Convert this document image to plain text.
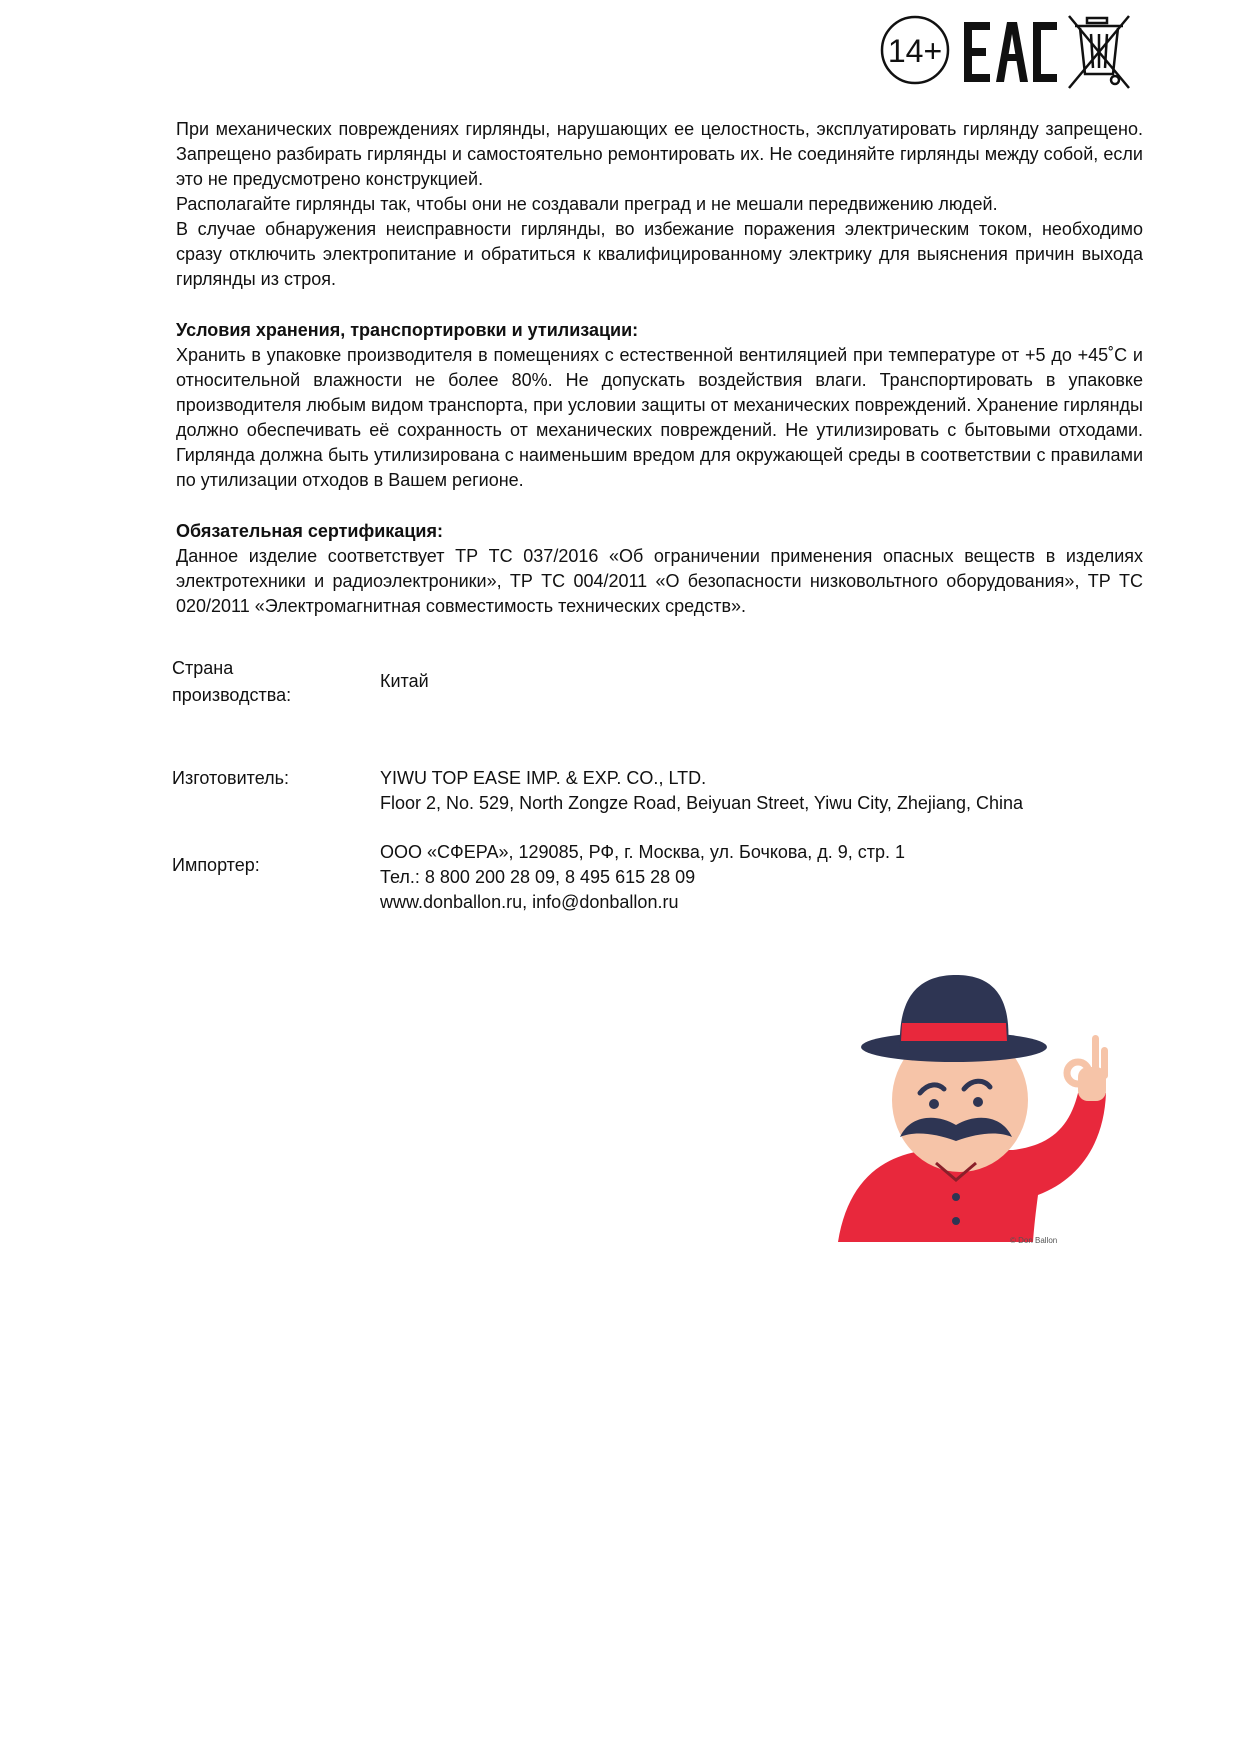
14+

При механических повреждениях гирлянды, нарушающих ее целостность, эксплуатировать гирлянду запрещено. Запрещено разбирать гирлянды и самостоятельно ремонтировать их. Не соединяйте гирлянды между собой, если это не предусмотрено конструкцией.

Располагайте гирлянды так, чтобы они не создавали преград и не мешали передвижению людей.

В случае обнаружения неисправности гирлянды, во избежание поражения электрическим током, необходимо сразу отключить электропитание и обратиться к квалифицированному электрику для выяснения причин выхода гирлянды из строя.

Условия хранения, транспортировки и утилизации:

Хранить в упаковке производителя в помещениях с естественной вентиляцией при температуре от +5 до +45˚С и относительной влажности не более 80%. Не допускать воздействия влаги. Транспортировать в упаковке производителя любым видом транспорта, при условии защиты от механических повреждений. Хранение гирлянды должно обеспечивать её сохранность от механических повреждений. Не утилизировать с бытовыми отходами. Гирлянда должна быть утилизирована с наименьшим вредом для окружающей среды в соответствии с правилами по утилизации отходов в Вашем регионе.

Обязательная сертификация:

Данное изделие соответствует ТР ТС 037/2016 «Об ограничении применения опасных веществ в изделиях электротехники и радиоэлектроники», ТР ТС 004/2011 «О безопасности низковольтного оборудования», ТР ТС 020/2011 «Электромагнитная совместимость технических средств».

Страна
производства:
Китай
Изготовитель:	YIWU TOP EASE IMP. & EXP. CO., LTD.
Floor 2, No. 529, North Zongze Road, Beiyuan Street, Yiwu City, Zhejiang, China
Импортер:
ООО «СФЕРА», 129085, РФ, г. Москва, ул. Бочкова, д. 9, стр. 1
Тел.: 8 800 200 28 09, 8 495 615 28 09
www.donballon.ru, info@donballon.ru
© Don Ballon
